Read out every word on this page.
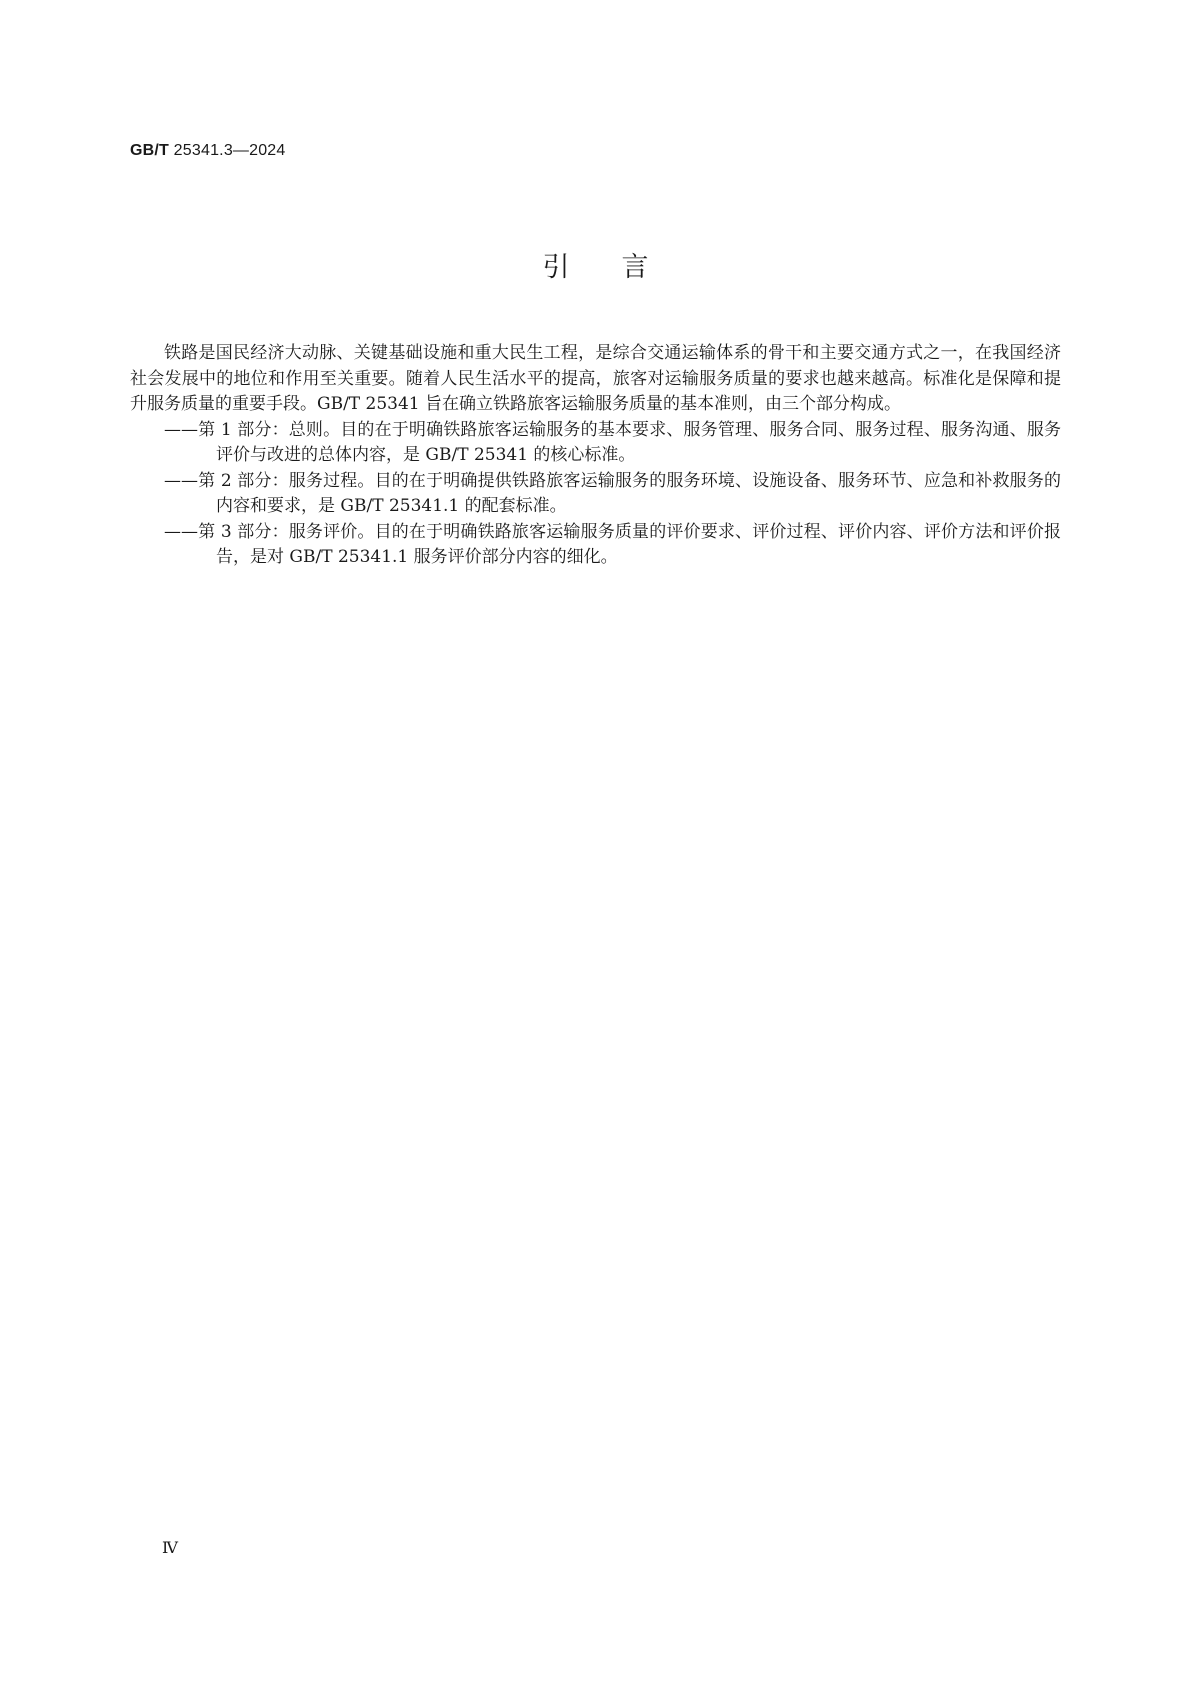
GB/T 25341.3—2024
引言

铁路是国民经济大动脉、关键基础设施和重大民生工程，是综合交通运输体系的骨干和主要交通方式之一，在我国经济社会发展中的地位和作用至关重要。随着人民生活水平的提高，旅客对运输服务质量的要求也越来越高。标准化是保障和提升服务质量的重要手段。GB/T 25341 旨在确立铁路旅客运输服务质量的基本准则，由三个部分构成。

——第 1 部分：总则。目的在于明确铁路旅客运输服务的基本要求、服务管理、服务合同、服务过程、服务沟通、服务评价与改进的总体内容，是 GB/T 25341 的核心标准。

——第 2 部分：服务过程。目的在于明确提供铁路旅客运输服务的服务环境、设施设备、服务环节、应急和补救服务的内容和要求，是 GB/T 25341.1 的配套标准。

——第 3 部分：服务评价。目的在于明确铁路旅客运输服务质量的评价要求、评价过程、评价内容、评价方法和评价报告，是对 GB/T 25341.1 服务评价部分内容的细化。

Ⅳ
